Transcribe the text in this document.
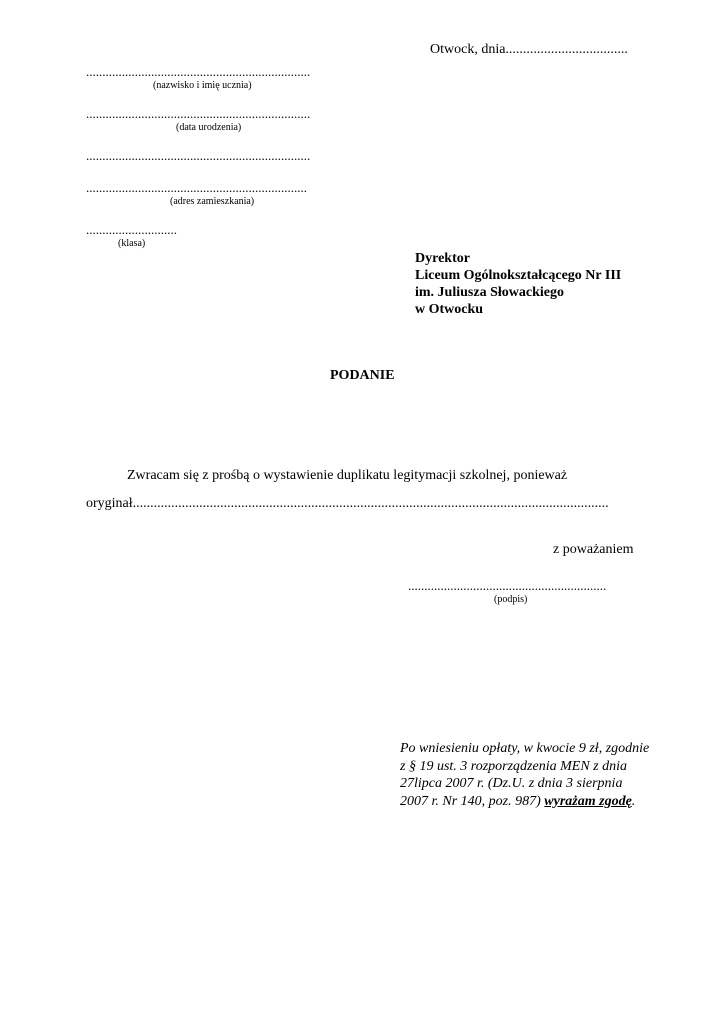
Otwock, dnia...................................
.....................................................................
(nazwisko i imię ucznia)
.....................................................................
(data urodzenia)
.....................................................................
....................................................................
(adres zamieszkania)
............................
(klasa)
Dyrektor
Liceum Ogólnokształcącego Nr III
im. Juliusza Słowackiego
w Otwocku
PODANIE
Zwracam się z prośbą o wystawienie duplikatu legitymacji szkolnej, ponieważ
oryginał........................................................................................................................................
z poważaniem
.............................................................
(podpis)
Po wniesieniu opłaty, w kwocie 9 zł, zgodnie z § 19 ust. 3 rozporządzenia MEN z dnia 27lipca 2007 r. (Dz.U. z dnia 3 sierpnia 2007 r. Nr 140, poz. 987) wyrażam zgodę.
